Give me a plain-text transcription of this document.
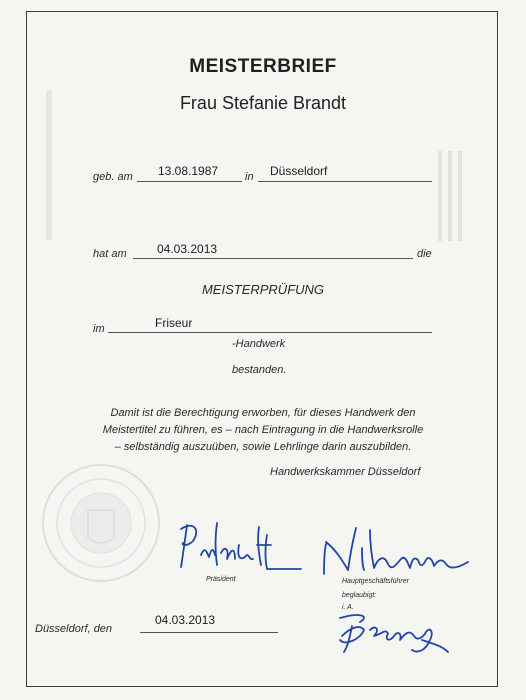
MEISTERBRIEF
Frau Stefanie Brandt
geb. am 13.08.1987 in Düsseldorf
hat am	04.03.2013	die
MEISTERPRÜFUNG
im	Friseur
-Handwerk
bestanden.
Damit ist die Berechtigung erworben, für dieses Handwerk den
Meistertitel zu führen, es – nach Eintragung in die Handwerksrolle
– selbständig auszuüben, sowie Lehrlinge darin auszubilden.
Handwerkskammer Düsseldorf
Präsident	Hauptgeschäftsführer
beglaubigt:
i. A.
Düsseldorf, den
04.03.2013
